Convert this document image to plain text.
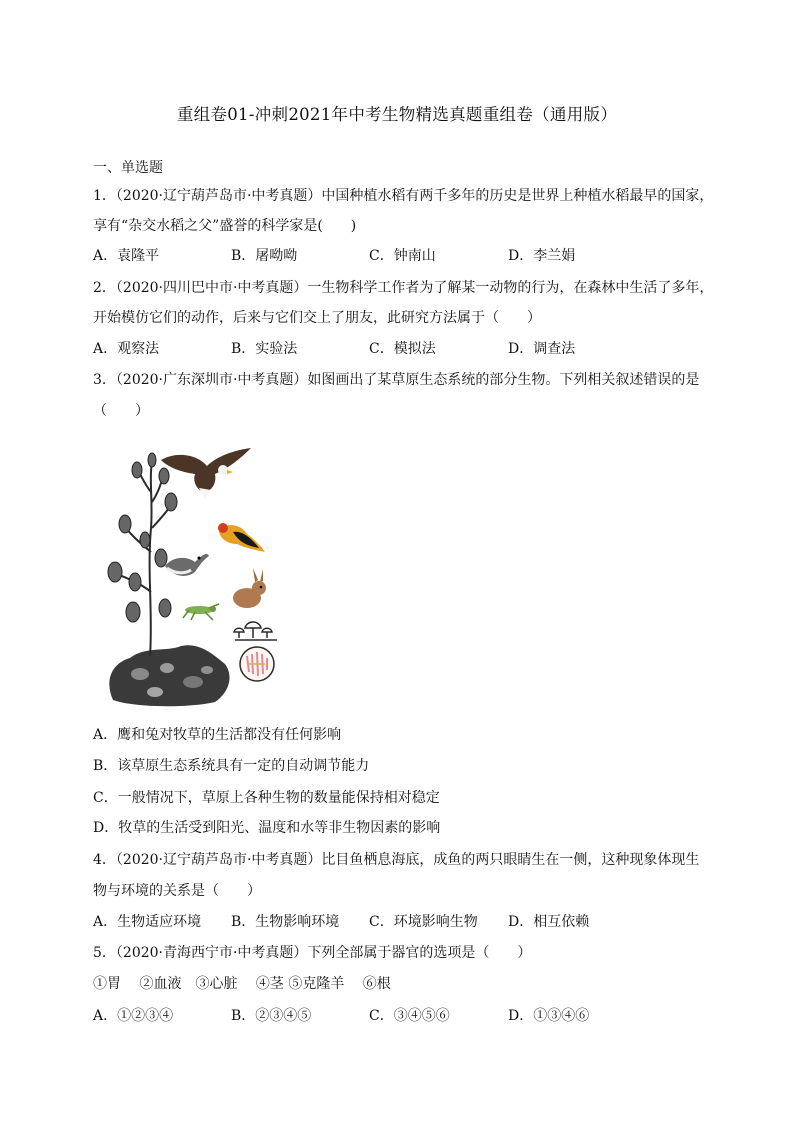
重组卷01-冲刺2021年中考生物精选真题重组卷（通用版）
一、单选题
1．（2020·辽宁葫芦岛市·中考真题）中国种植水稻有两千多年的历史是世界上种植水稻最早的国家，
享有“杂交水稻之父”盛誉的科学家是(　　)
A．袁隆平	B．屠呦呦	C．钟南山	D．李兰娟
2．（2020·四川巴中市·中考真题）一生物科学工作者为了解某一动物的行为，在森林中生活了多年，
开始模仿它们的动作，后来与它们交上了朋友，此研究方法属于（　　）
A．观察法	B．实验法	C．模拟法	D．调查法
3．（2020·广东深圳市·中考真题）如图画出了某草原生态系统的部分生物。下列相关叙述错误的是
（　　）
A．鹰和兔对牧草的生活都没有任何影响
B．该草原生态系统具有一定的自动调节能力
C．一般情况下，草原上各种生物的数量能保持相对稳定
D．牧草的生活受到阳光、温度和水等非生物因素的影响
4．（2020·辽宁葫芦岛市·中考真题）比目鱼栖息海底，成鱼的两只眼睛生在一侧，这种现象体现生
物与环境的关系是（　　）
A．生物适应环境 B．生物影响环境 C．环境影响生物 D．相互依赖
5．（2020·青海西宁市·中考真题）下列全部属于器官的选项是（　　）
①胃　 ②血液　③心脏　 ④茎 ⑤克隆羊　 ⑥根
A．①②③④	B．②③④⑤	C．③④⑤⑥	D．①③④⑥
